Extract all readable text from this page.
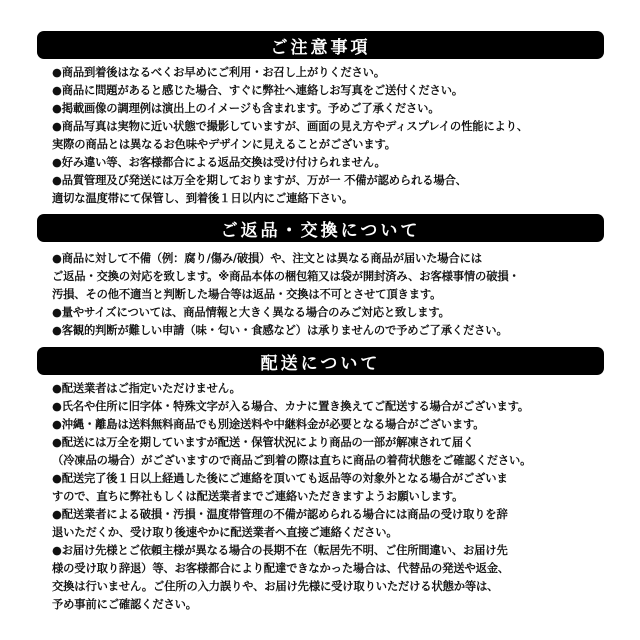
ご注意事項
●商品到着後はなるべくお早めにご利用・お召し上がりください。
●商品に問題があると感じた場合、すぐに弊社へ連絡しお写真をご送付ください。
●掲載画像の調理例は演出上のイメージも含まれます。予めご了承ください。
●商品写真は実物に近い状態で撮影していますが、画面の見え方やディスプレイの性能により、
実際の商品とは異なるお色味やデザインに見えることがございます。
●好み違い等、お客様都合による返品交換は受け付けられません。
●品質管理及び発送には万全を期しておりますが、万が一 不備が認められる場合、
適切な温度帯にて保管し、到着後１日以内にご連絡下さい。
ご返品・交換について
●商品に対して不備（例：腐り/傷み/破損）や、注文とは異なる商品が届いた場合には
ご返品・交換の対応を致します。※商品本体の梱包箱又は袋が開封済み、お客様事情の破損・
汚損、その他不適当と判断した場合等は返品・交換は不可とさせて頂きます。
●量やサイズについては、商品情報と大きく異なる場合のみご対応と致します。
●客観的判断が難しい申請（味・匂い・食感など）は承りませんので予めご了承ください。
配送について
●配送業者はご指定いただけません。
●氏名や住所に旧字体・特殊文字が入る場合、カナに置き換えてご配送する場合がございます。
●沖縄・離島は送料無料商品でも別途送料や中継料金が必要となる場合がございます。
●配送には万全を期していますが配送・保管状況により商品の一部が解凍されて届く
（冷凍品の場合）がございますので商品ご到着の際は直ちに商品の着荷状態をご確認ください。
●配送完了後１日以上経過した後にご連絡を頂いても返品等の対象外となる場合がございま
すので、直ちに弊社もしくは配送業者までご連絡いただきますようお願いします。
●配送業者による破損・汚損・温度帯管理の不備が認められる場合には商品の受け取りを辞
退いただくか、受け取り後速やかに配送業者へ直接ご連絡ください。
●お届け先様とご依頼主様が異なる場合の長期不在（転居先不明、ご住所間違い、お届け先
様の受け取り辞退）等、お客様都合により配達できなかった場合は、代替品の発送や返金、
交換は行いません。ご住所の入力誤りや、お届け先様に受け取りいただける状態か等は、
予め事前にご確認ください。
